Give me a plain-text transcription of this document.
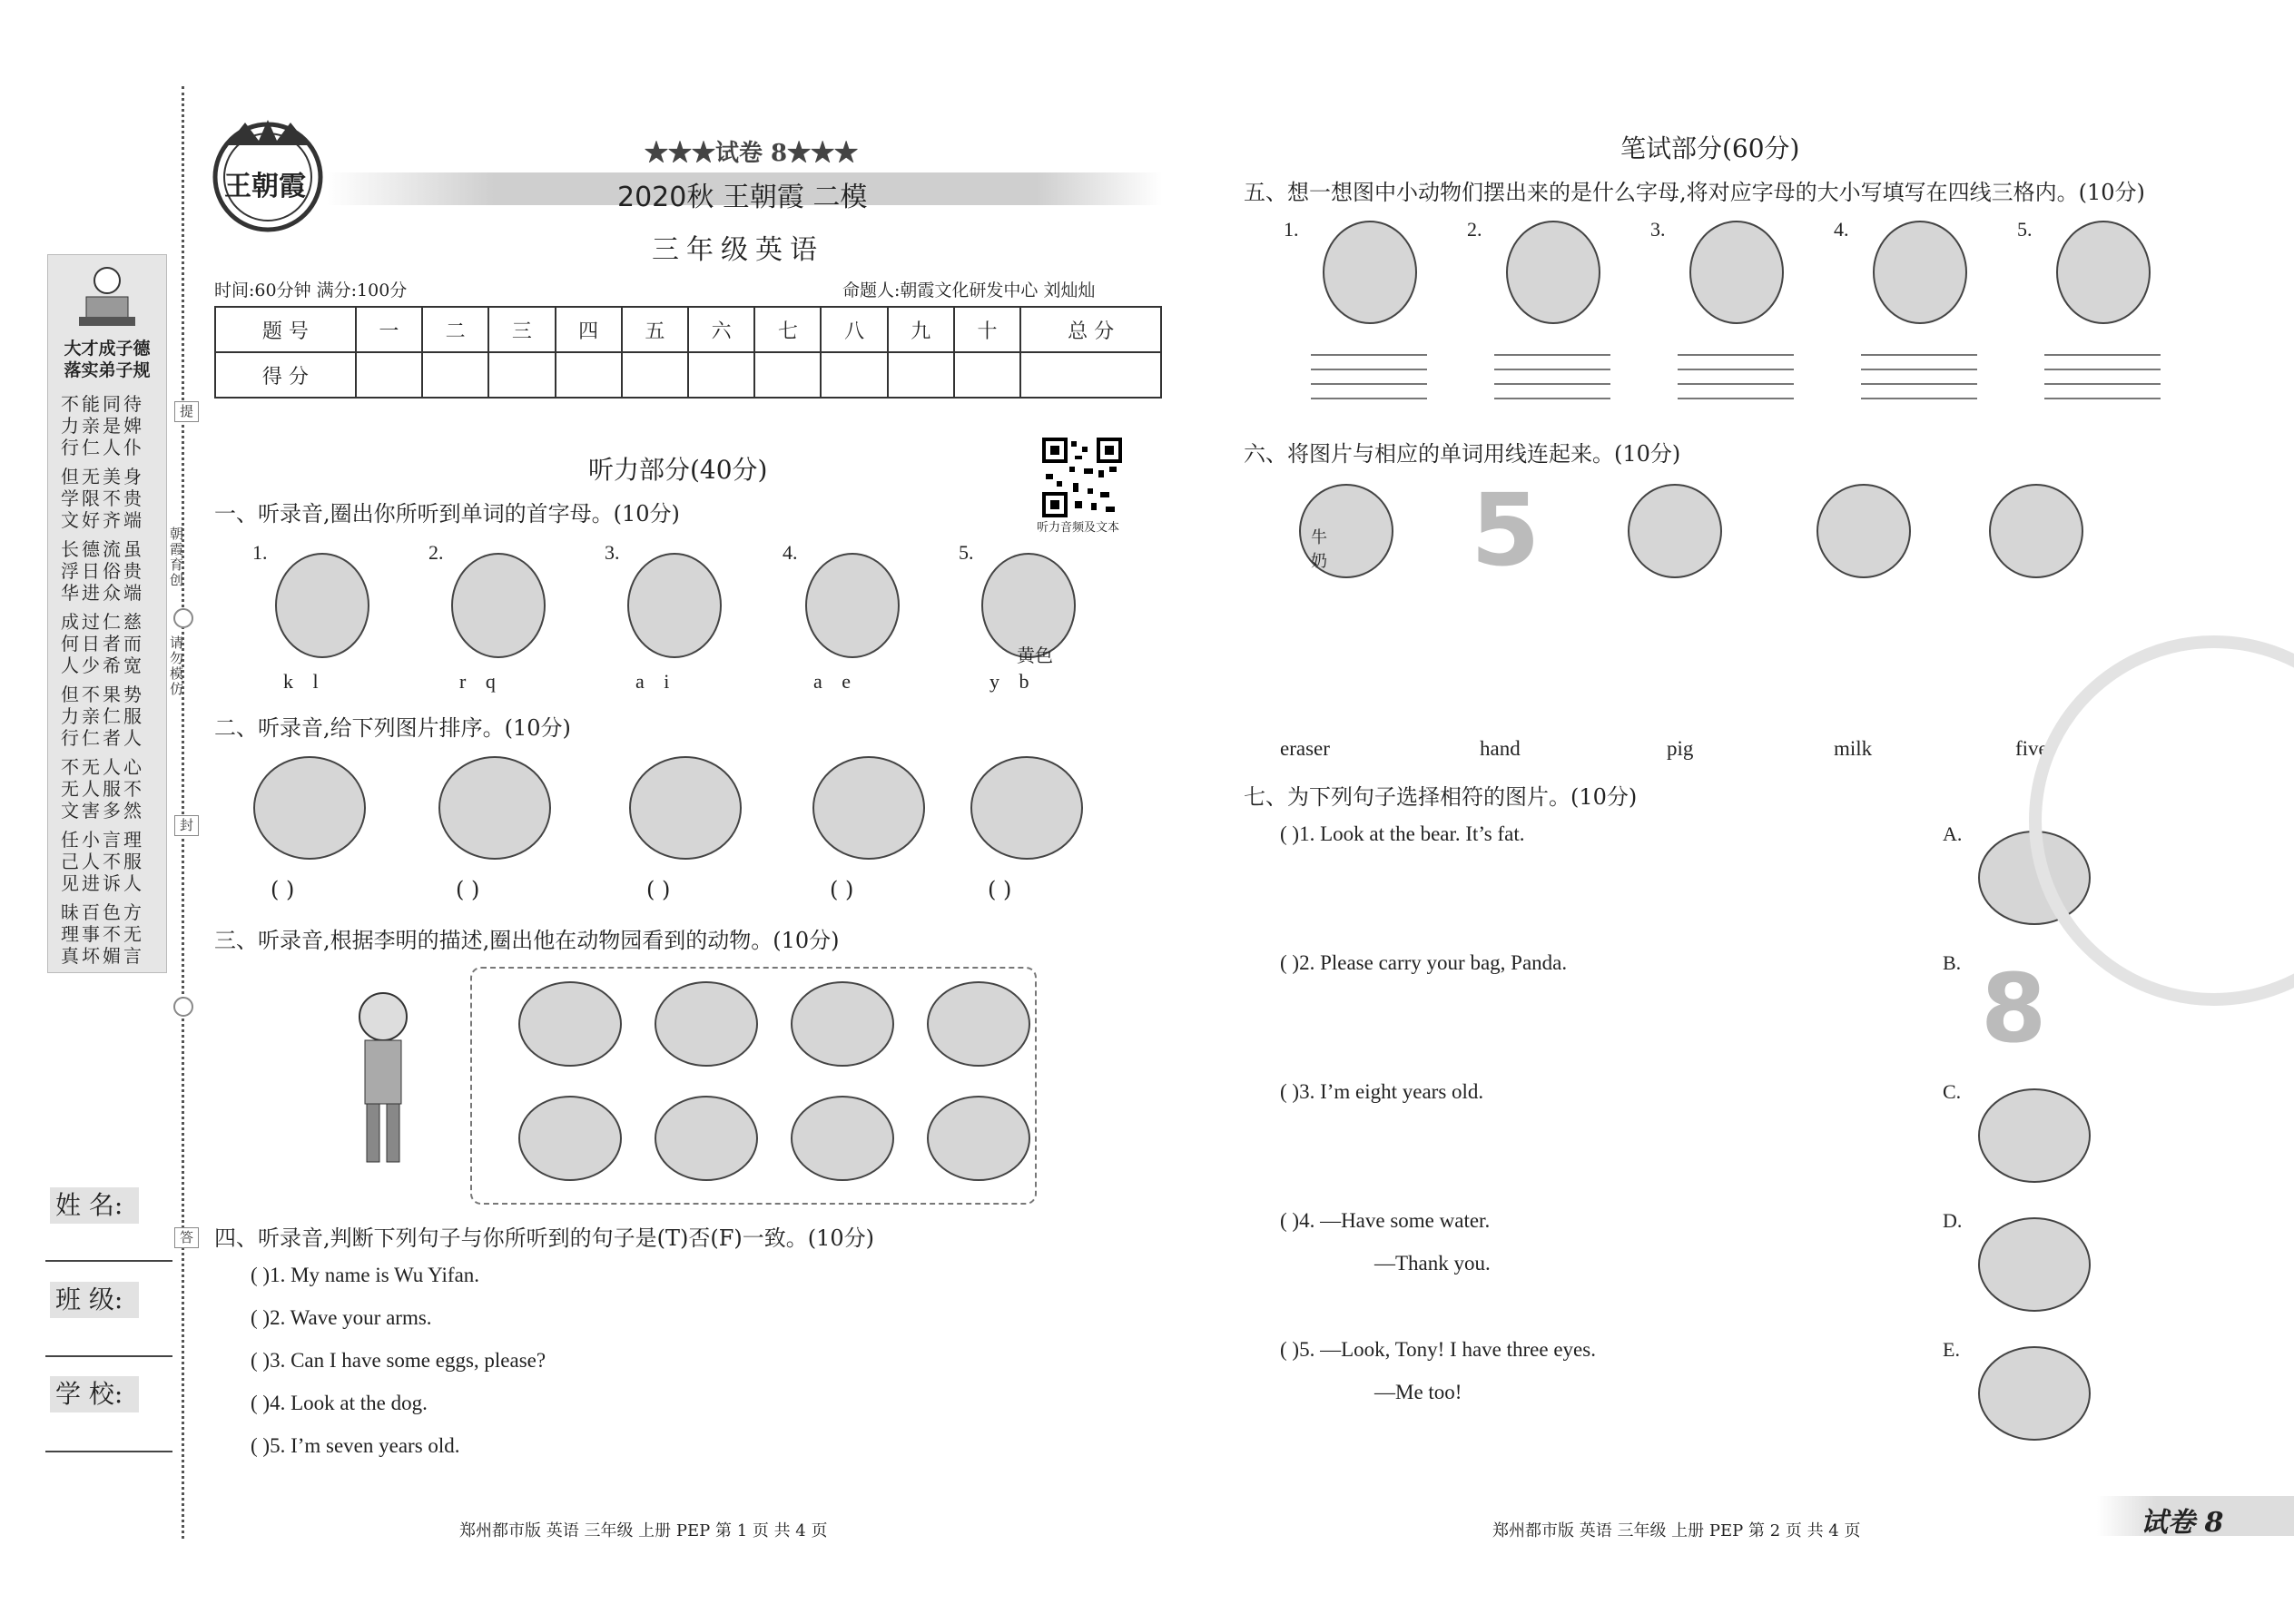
大才成子德
落实弟子规
不能同待
力亲是婢
行仁人仆
但无美身
学限不贵
文好齐端
长德流虽
浮日俗贵
华进众端
成过仁慈
何日者而
人少希宽
但不果势
力亲仁服
行仁者人
不无人心
无人服不
文害多然
任小言理
己人不服
见进诉人
昧百色方
理事不无
真坏媚言
提
朝霞育创
请勿模仿
封
答
姓 名:
班 级:
学 校:
王朝霞
★★★试卷 8★★★
2020秋 王朝霞 二模
三年级英语
时间:60分钟 满分:100分	命题人:朝霞文化研发中心 刘灿灿
题 号	一	二	三	四	五	六	七	八	九	十	总 分
得 分											
听力音频及文本
听力部分(40分)
一、听录音,圈出你所听到单词的首字母。(10分)
1.
k l
2.
r q
3.
a i
4.
a e
5.
黄色
y b
二、听录音,给下列图片排序。(10分)
( )	( )	( )	( )	( )
三、听录音,根据李明的描述,圈出他在动物园看到的动物。(10分)
四、听录音,判断下列句子与你所听到的句子是(T)否(F)一致。(10分)
( )1. My name is Wu Yifan.
( )2. Wave your arms.
( )3. Can I have some eggs, please?
( )4. Look at the dog.
( )5. I’m seven years old.
笔试部分(60分)
五、想一想图中小动物们摆出来的是什么字母,将对应字母的大小写填写在四线三格内。(10分)
1.	2.	3.	4.	5.
六、将图片与相应的单词用线连起来。(10分)
5
牛奶
eraser	hand	pig	milk	five
七、为下列句子选择相符的图片。(10分)
( )1. Look at the bear. It’s fat.
( )2. Please carry your bag, Panda.
( )3. I’m eight years old.
( )4. —Have some water.
—Thank you.
( )5. —Look, Tony! I have three eyes.
—Me too!
A.
B. 8
C.
D.
E.
郑州都市版 英语 三年级 上册 PEP 第 1 页 共 4 页	郑州都市版 英语 三年级 上册 PEP 第 2 页 共 4 页	试卷 8
